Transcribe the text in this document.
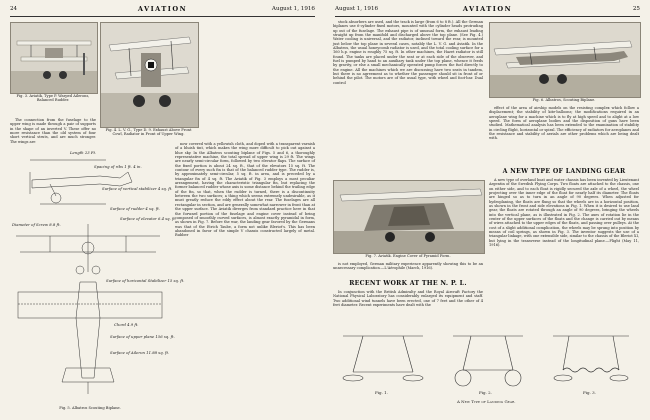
24	AVIATION	August 1, 1916
Fig. 3. Aviatik, Type P. Warped Ailerons, Balanced Rudder.
Fig. 4. L. V. G., Type D. 9. Exhaust Above Front Cowl, Radiator in Front of Upper Wing.

The connection from the fuselage to the upper wing is made through a pair of supports in the shape of an inverted V. These offer no more resistance than the old system of four short vertical struts, and are much stronger. The wings are

Length 23 Ft.
Spacing of ribs 1 ft. 4 in.
Surface of vertical stabilizer 4 sq. ft.
Surface of rudder 4 sq. ft.
Surface of elevator 6.4 sq. ft.
Diameter of Screw 8.8 ft.
Surface of horizontal Stabilizer 15 sq. ft.
Chord 4.9 ft.
Surface of upper plane 156 sq. ft.
Surface of Aileron 11.88 sq. ft.
Fig. 5. Albatros Scouting Biplane.

now covered with a yellowish cloth, and doped with a transparent varnish of a bluish tint, which makes the wing more difficult to pick out against a blue sky. In the Albatros scouting biplane of Figs. 5 and 6, a thoroughly representative machine, the total spread of upper wing is 29 ft. The wings are nearly semi-circular form, followed by two elevator flaps. The surface of the fixed portion is about 24 sq. ft., that of the elevators 15 sq. ft. The contour of every such fin is that of the balanced rudder type. The rudder is, by approximately semi-circular, 5 sq. ft. in area, and is preceded by a triangular fin of 4 sq. ft. The Aviatik of Fig. 3 employs a most peculiar arrangement, having the characteristic triangular fin, but replacing the former balanced rudder whose axis is some distance behind the trailing edge of the fin, so that, when the rudder is turned, there is a discontinuity between the two surfaces; a thing which seems extremely undesirable, as it must greatly reduce the eddy effect about the rear. The fuselages are all rectangular in section, and are generally somewhat narrower in front than at the upper surface. The Aviatik diverges from standard practice here in that the forward portion of the fuselage and engine cover instead of being composed of smoothly curved surfaces, is almost exactly pyramidal in form, as shown in Fig. 7. Before the war, the landing gear favored by the Germans was that of the Etrich Taube, a form not unlike Bleriot's. This has been abandoned in favor of the simple V chassis constructed largely of metal. Rubber

August 1, 1916	AVIATION	25

stock absorbers are used, and the track is large (from 6 to 8 ft.). All the German biplanes use 6-cylinder fixed motors, mounted with the cylinder heads protruding up out of the fuselage. The exhaust pipe is of unusual form, the exhaust leading straight up from the manifold and discharged above the top plane. (See Fig. 4.) Water cooling is universal, and the radiator, inclined toward the rear, is mounted just below the top plane in several cases, notably the L. V. G. and Aviatik. In the Albatros, the usual honeycomb radiator is used, and the total cooling surface for a 160 h.p. engine is roughly 75 sq. ft. In other machines, the Hazet radiator is still found. The tanks are placed under the seat or at each side of the observer, and fuel is pumped by hand to an auxiliary tank under the top plane, whence it feeds by gravity, or else a small mechanically operated pump forces the fuel directly to the engine. All the machines which we are discussing have two seats in tandem, but there is no agreement as to whether the passenger should sit in front of or behind the pilot. The motors are of the usual type, with wheel and foot-bar. Dual control

Fig. 6. Albatros, Scouting Biplane.

effect of the area of airship models on the resisting complex which follow a displacement; the stability of kite-balloons; the modifications required in an aeroplane wing for a machine which is to fly at high speed and to alight at a low speed. The form of aeroplane bodies and the disposition of guns have been studied. Mathematical analysis has been extended to the examination of stability in circling flight, horizontal or spiral. The efficiency of radiators for aeroplanes and the resistance and stability of aerials are other problems which are being dealt with.

Fig. 7. Aviatik. Engine Cover of Pyramid Form.

is not employed, German military experience apparently showing this to be an unnecessary complication.—L'Aérophile (March, 1916).

RECENT WORK AT THE N. P. L.

In conjunction with the British Admiralty and the Royal Aircraft Factory the National Physical Laboratory has considerably enlarged its equipment and staff. Two additional wind tunnels have been erected, one of 7 feet and the other of 4 feet diameter. Recent experiments have dealt with the

A NEW TYPE OF LANDING GEAR

A new type of overland boat and water chassis has been invented by Lieutenant Argentin of the Swedish Flying Corps. Two floats are attached to the chassis, one on either side, and to each float is rigidly secured the axle of a wheel, the wheel projecting over the inner edge of the float for nearly half its diameter. The floats are hinged so as to turn in an angle of 90 degrees. When adjusted for hydroplaning, the floats are flung so that the wheels are in a horizontal position, as shown in the front and side elevations in Fig. 1. When it is desired to use land gear, the floats are rotated through an angle of 90 degrees, bringing the wheels into the vertical plane, as is illustrated in Fig. 2. The axes of rotation lie in the center of the upper surfaces of the floats and the change is carried out by means of wires attached to the upper edges of the floats, and passing over pulleys. At the cost of a slight additional complication, the wheels may be sprung into position by means of coil springs, as shown in Fig. 3. The inventor suggests the use of a triangular linkage, with one extensible side, similar to the chassis of the Bleriot XI, but lying in the transverse instead of the longitudinal plane.—Flight (May 11, 1916).

Fig. 1.	Fig. 2.	Fig. 3.
A New Type of Landing Gear.
